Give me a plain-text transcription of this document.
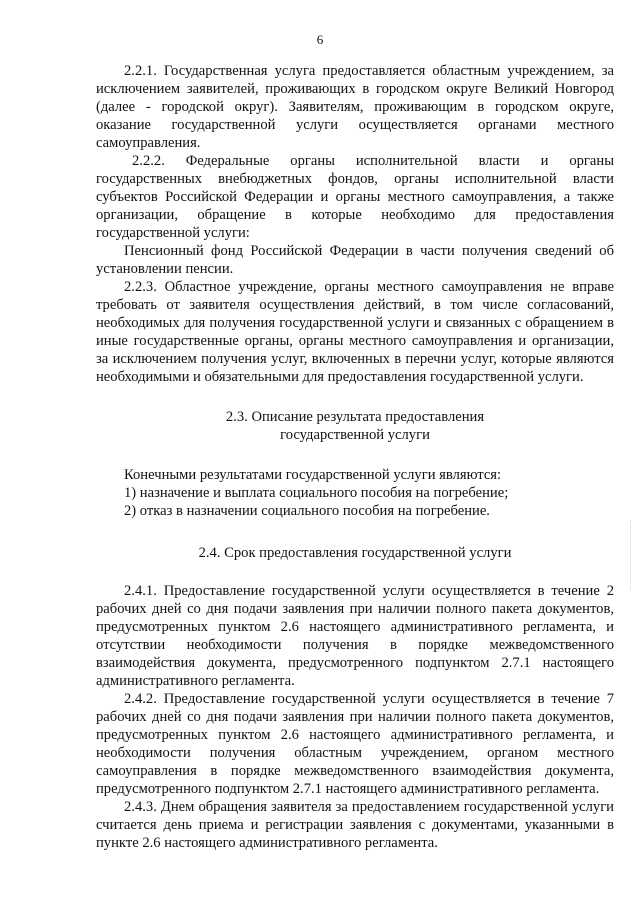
6

2.2.1. Государственная услуга предоставляется областным учреждением, за исключением заявителей, проживающих в городском округе Великий Новгород (далее - городской округ). Заявителям, проживающим в городском округе, оказание государственной услуги осуществляется органами местного самоуправления.

2.2.2. Федеральные органы исполнительной власти и органы государственных внебюджетных фондов, органы исполнительной власти субъектов Российской Федерации и органы местного самоуправления, а также организации, обращение в которые необходимо для предоставления государственной услуги:

Пенсионный фонд Российской Федерации в части получения сведений об установлении пенсии.

2.2.3. Областное учреждение, органы местного самоуправления не вправе требовать от заявителя осуществления действий, в том числе согласований, необходимых для получения государственной услуги и связанных с обращением в иные государственные органы, органы местного самоуправления и организации, за исключением получения услуг, включенных в перечни услуг, которые являются необходимыми и обязательными для предоставления государственной услуги.

2.3. Описание результата предоставления

государственной услуги

Конечными результатами государственной услуги являются:

1) назначение и выплата социального пособия на погребение;

2) отказ в назначении социального пособия на погребение.

2.4. Срок предоставления государственной услуги

2.4.1. Предоставление государственной услуги осуществляется в течение 2 рабочих дней со дня подачи заявления при наличии полного пакета документов, предусмотренных пунктом 2.6 настоящего административного регламента, и отсутствии необходимости получения в порядке межведомственного взаимодействия документа, предусмотренного подпунктом 2.7.1 настоящего административного регламента.

2.4.2. Предоставление государственной услуги осуществляется в течение 7 рабочих дней со дня подачи заявления при наличии полного пакета документов, предусмотренных пунктом 2.6 настоящего административного регламента, и необходимости получения областным учреждением, органом местного самоуправления в порядке межведомственного взаимодействия документа, предусмотренного подпунктом 2.7.1 настоящего административного регламента.

2.4.3. Днем обращения заявителя за предоставлением государственной услуги считается день приема и регистрации заявления с документами, указанными в пункте 2.6 настоящего административного регламента.
